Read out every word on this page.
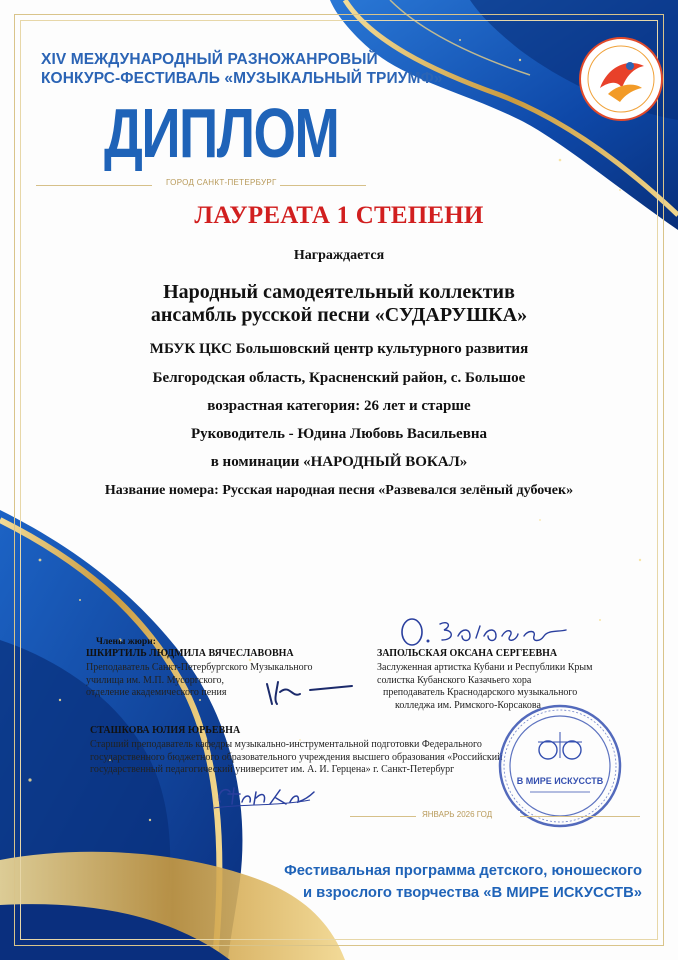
XIV МЕЖДУНАРОДНЫЙ РАЗНОЖАНРОВЫЙ
КОНКУРС-ФЕСТИВАЛЬ «МУЗЫКАЛЬНЫЙ ТРИУМФ»
ДИПЛОМ
ГОРОД САНКТ-ПЕТЕРБУРГ
ЛАУРЕАТА 1 СТЕПЕНИ
Награждается
Народный самодеятельный коллектив
ансамбль русской песни «СУДАРУШКА»
МБУК ЦКС Большовский центр культурного развития
Белгородская область, Красненский район, с. Большое
возрастная категория: 26 лет и старше
Руководитель - Юдина Любовь Васильевна
в номинации «НАРОДНЫЙ ВОКАЛ»
Название номера: Русская народная песня «Развевался зелёный дубочек»
Члены жюри:
ШКИРТИЛЬ ЛЮДМИЛА ВЯЧЕСЛАВОВНА
Преподаватель Санкт-Петербургского Музыкального
училища им. М.П. Мусоргского,
отделение академического пения
ЗАПОЛЬСКАЯ ОКСАНА СЕРГЕЕВНА
Заслуженная артистка Кубани и Республики Крым
солистка Кубанского Казачьего хора
преподаватель Краснодарского музыкального
колледжа им. Римского-Корсакова
СТАШКОВА ЮЛИЯ ЮРЬЕВНА
Старший преподаватель кафедры музыкально-инструментальной подготовки Федерального
государственного бюджетного образовательного учреждения высшего образования «Российский
государственный педагогический университет им. А. И. Герцена» г. Санкт-Петербург
В МИРЕ ИСКУССТВ
ЯНВАРЬ 2026 ГОД
Фестивальная программа детского, юношеского
и взрослого творчества «В МИРЕ ИСКУССТВ»
